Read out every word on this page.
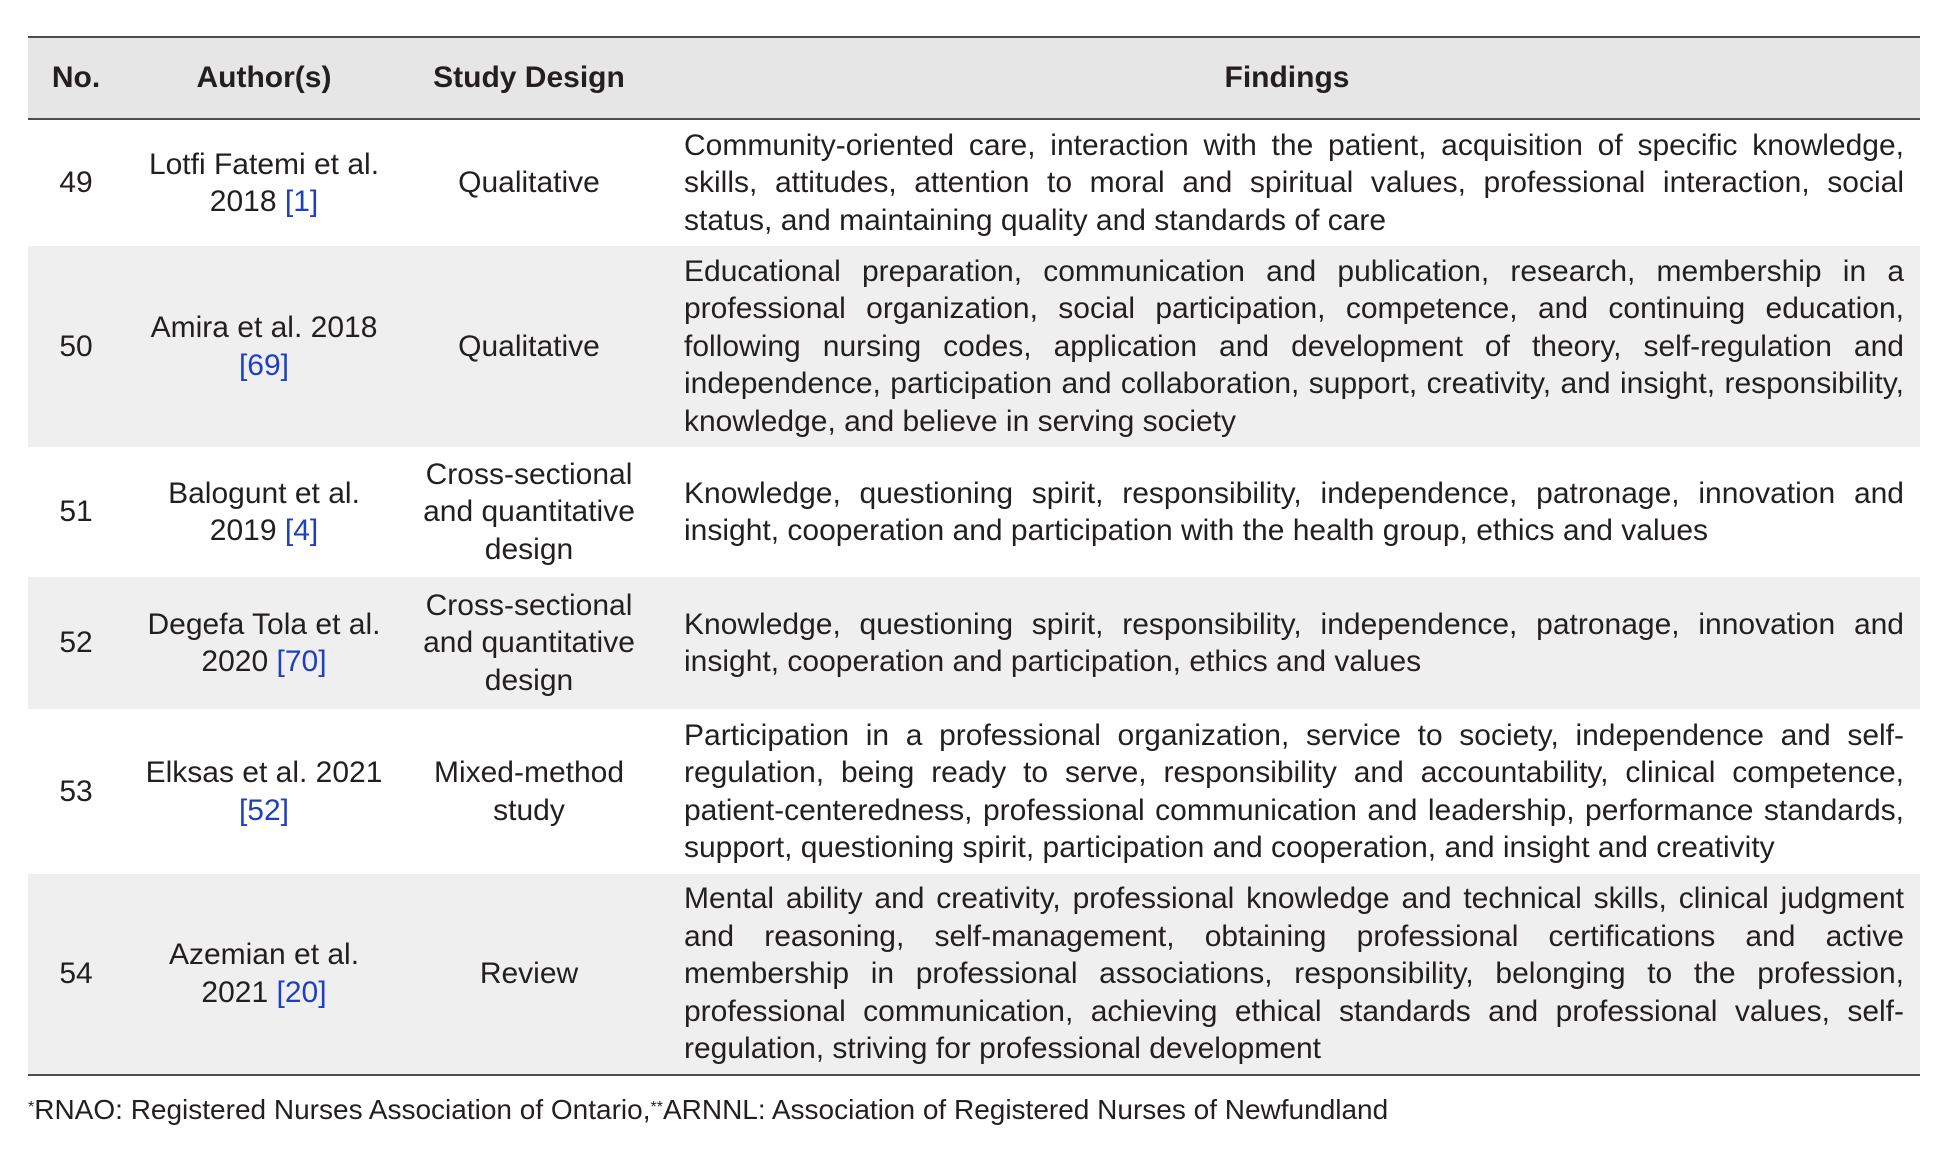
No.	Author(s)	Study Design	Findings
49	Lotfi Fatemi et al. 2018 [1]	Qualitative	Community-oriented care, interaction with the patient, acquisition of specific knowledge, skills, attitudes, attention to moral and spiritual values, professional interaction, social status, and maintaining quality and standards of care
50	Amira et al. 2018 [69]	Qualitative	Educational preparation, communication and publication, research, membership in a professional organization, social participation, competence, and continuing education, following nursing codes, application and development of theory, self-regulation and independence, participation and collaboration, support, creativity, and insight, responsibility, knowledge, and believe in serving society
51	Balogunt et al. 2019 [4]	Cross-sectional and quantitative design	Knowledge, questioning spirit, responsibility, independence, patronage, innovation and insight, cooperation and participation with the health group, ethics and values
52	Degefa Tola et al. 2020 [70]	Cross-sectional and quantitative design	Knowledge, questioning spirit, responsibility, independence, patronage, innovation and insight, cooperation and participation, ethics and values
53	Elksas et al. 2021 [52]	Mixed-method study	Participation in a professional organization, service to society, independence and self-regulation, being ready to serve, responsibility and accountability, clinical competence, patient-centeredness, professional communication and leadership, performance standards, support, questioning spirit, participation and cooperation, and insight and creativity
54	Azemian et al. 2021 [20]	Review	Mental ability and creativity, professional knowledge and technical skills, clinical judgment and reasoning, self-management, obtaining professional certifications and active membership in professional associations, responsibility, belonging to the profession, professional communication, achieving ethical standards and professional values, self-regulation, striving for professional development
*RNAO: Registered Nurses Association of Ontario,**ARNNL: Association of Registered Nurses of Newfundland
